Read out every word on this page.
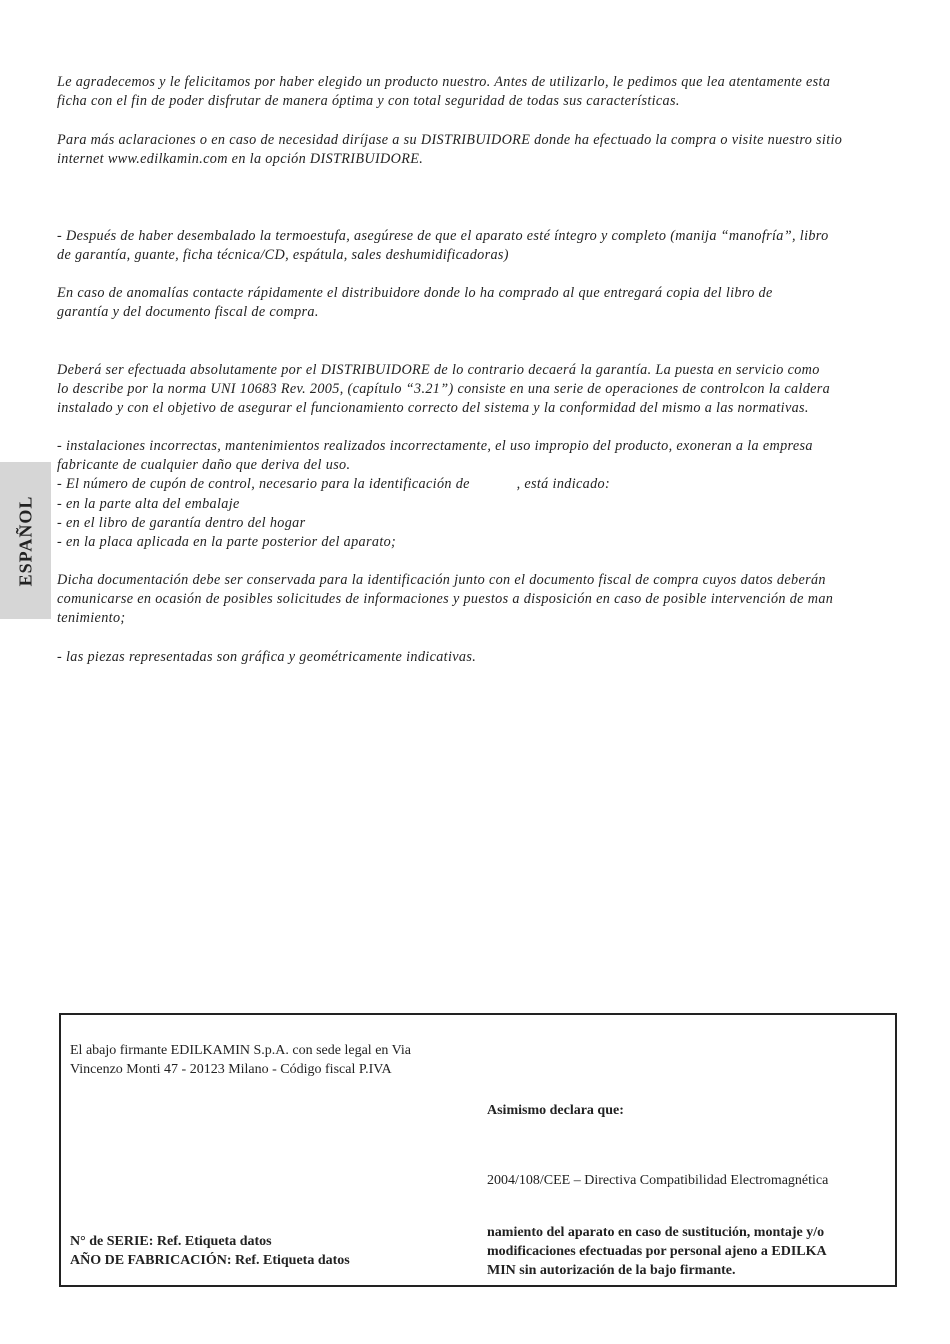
ESPAÑOL

Le agradecemos y le felicitamos por haber elegido un producto nuestro. Antes de utilizarlo, le pedimos que lea atentamente esta

ficha con el fin de poder disfrutar de manera óptima y con total seguridad de todas sus características.

Para más aclaraciones o en caso de necesidad diríjase a su DISTRIBUIDORE donde ha efectuado la compra o visite nuestro sitio

internet www.edilkamin.com en la opción DISTRIBUIDORE.

- Después de haber desembalado la termoestufa, asegúrese de que el aparato esté íntegro y completo (manija “manofría”, libro

de garantía, guante, ficha técnica/CD, espátula, sales deshumidificadoras)

En caso de anomalías contacte rápidamente el distribuidore donde lo ha comprado al que entregará copia del libro de

garantía y del documento fiscal de compra.

Deberá ser efectuada absolutamente por el DISTRIBUIDORE de lo contrario decaerá la garantía. La puesta en servicio como

lo describe por la norma UNI 10683 Rev. 2005, (capítulo “3.21”) consiste en una serie de operaciones de controlcon la caldera

instalado y con el objetivo de asegurar el funcionamiento correcto del sistema y la conformidad del mismo a las normativas.

- instalaciones incorrectas, mantenimientos realizados incorrectamente, el uso impropio del producto, exoneran a la empresa

fabricante de cualquier daño que deriva del uso.

- El número de cupón de control, necesario para la identificación de            , está indicado:

- en la parte alta del embalaje

- en el libro de garantía dentro del hogar

- en la placa aplicada en la parte posterior del aparato;

Dicha documentación debe ser conservada para la identificación junto con el documento fiscal de compra cuyos datos deberán

comunicarse en ocasión de posibles solicitudes de informaciones y puestos a disposición en caso de posible intervención de man

tenimiento;

- las piezas representadas son gráfica y geométricamente indicativas.

El abajo firmante EDILKAMIN S.p.A. con sede legal en Via
Vincenzo Monti 47 - 20123 Milano - Código fiscal P.IVA
Asimismo declara que:
2004/108/CEE – Directiva Compatibilidad Electromagnética
N° de SERIE: Ref. Etiqueta datos
AÑO DE FABRICACIÓN: Ref. Etiqueta datos
namiento del aparato en caso de sustitución, montaje y/o
modificaciones efectuadas por personal ajeno a EDILKA
MIN sin autorización de la bajo firmante.
